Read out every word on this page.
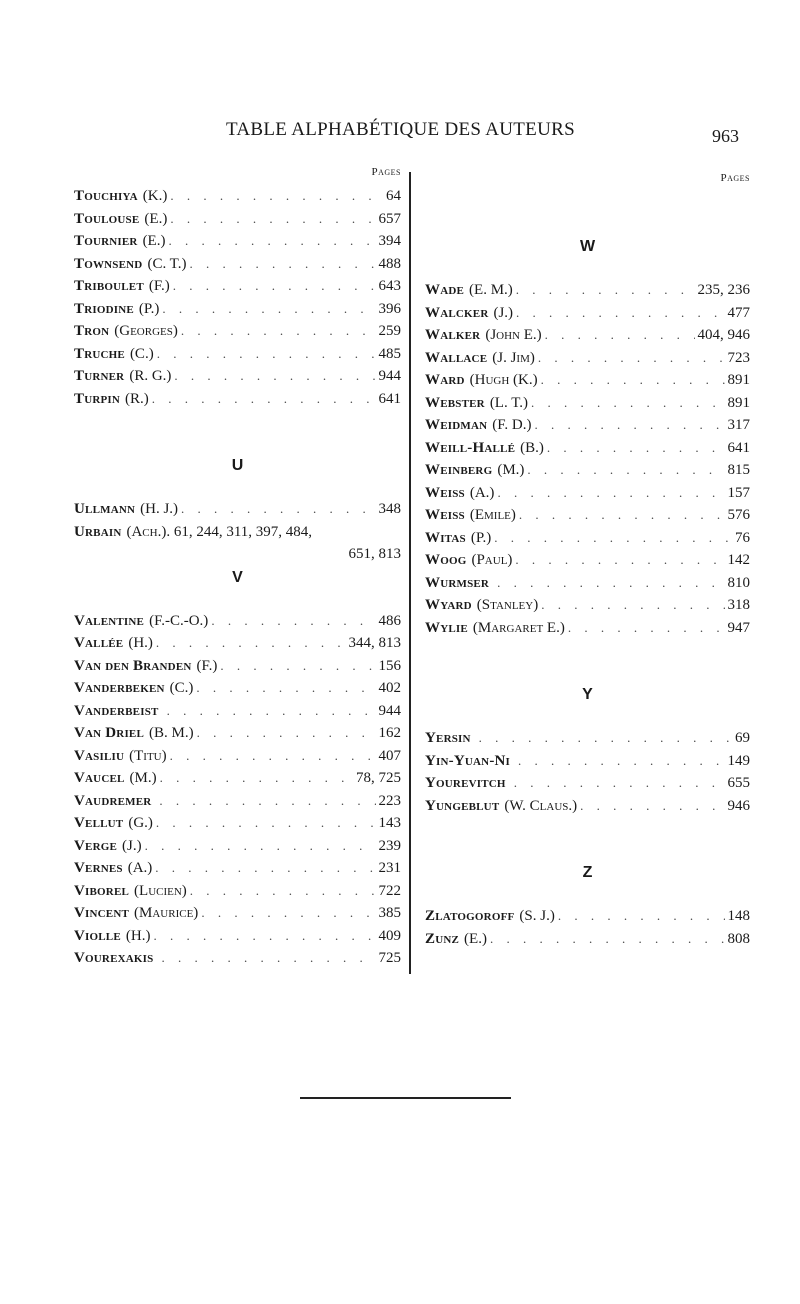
TABLE ALPHABÉTIQUE DES AUTEURS	963
Pages
Touchiya (K.) . . .	64
Toulouse (E.) . . .	657
Tournier (E.) . . .	394
Townsend (C. T.) . . .	488
Triboulet (F.) . . .	643
Triodine (P.) . . .	396
Tron (Georges) . . .	259
Truche (C.) . . .	485
Turner (R. G.) . . .	944
Turpin (R.) . . .	641
U
Ullmann (H. J.) . . .	348
Urbain (Ach.). 61, 244, 311, 397, 484,
651, 813
V
Valentine (F.-C.-O.) . . .	486
Vallée (H.) . . .	344, 813
Van den Branden (F.) . . .	156
Vanderbeken (C.) . . .	402
Vanderbeist . . .	944
Van Driel (B. M.) . . .	162
Vasiliu (Titu) . . .	407
Vaucel (M.) . . .	78, 725
Vaudremer . . .	223
Vellut (G.) . . .	143
Verge (J.) . . .	239
Vernes (A.) . . .	231
Viborel (Lucien) . . .	722
Vincent (Maurice) . . .	385
Violle (H.) . . .	409
Vourexakis . . .	725
Pages
W
Wade (E. M.) . . .	235, 236
Walcker (J.) . . .	477
Walker (John E.) . . .	404, 946
Wallace (J. Jim) . . .	723
Ward (Hugh (K.) . . .	891
Webster (L. T.) . . .	891
Weidman (F. D.) . . .	317
Weill-Hallé (B.) . . .	641
Weinberg (M.) . . .	815
Weiss (A.) . . .	157
Weiss (Emile) . . .	576
Witas (P.) . . .	76
Woog (Paul) . . .	142
Wurmser . . .	810
Wyard (Stanley) . . .	318
Wylie (Margaret E.) . . .	947
Y
Yersin . . .	69
Yin-Yuan-Ni . . .	149
Yourevitch . . .	655
Yungeblut (W. Claus.) . . .	946
Z
Zlatogoroff (S. J.) . . .	148
Zunz (E.) . . .	808
